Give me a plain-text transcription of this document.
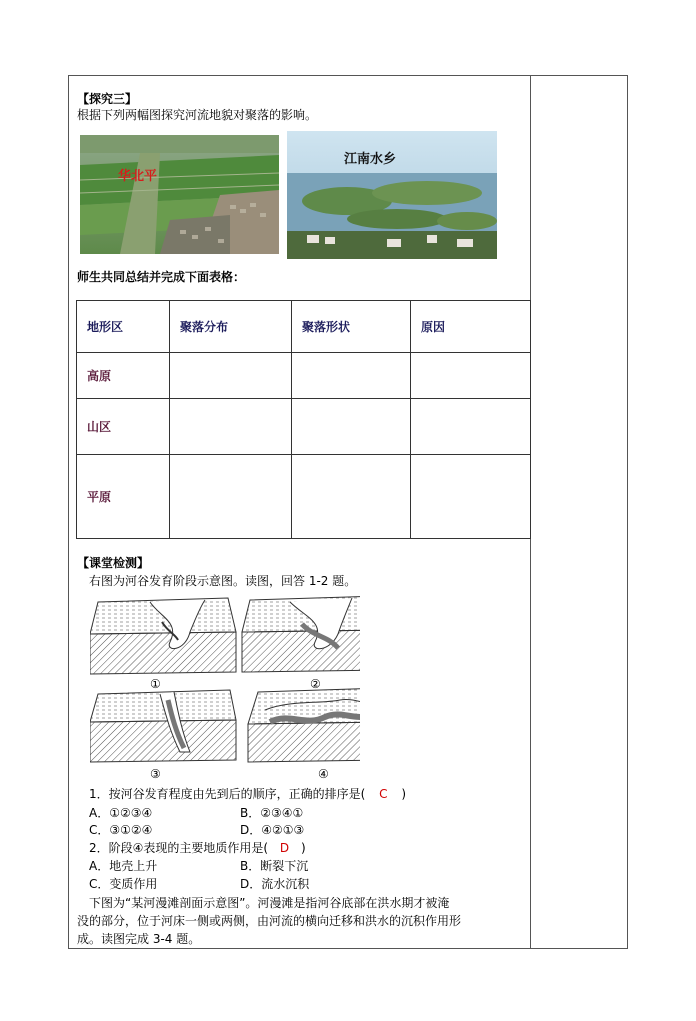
【探究三】
根据下列两幅图探究河流地貌对聚落的影响。
华北平
江南水乡
师生共同总结并完成下面表格：
地形区	聚落分布	聚落形状	原因
高原			
山区			
平原			
【课堂检测】
右图为河谷发育阶段示意图。读图，回答 1-2 题。
①	②
③	④
1．按河谷发育程度由先到后的顺序，正确的排序是( C )
A．①②③④	B．②③④①
C．③①②④	D．④②①③
2．阶段④表现的主要地质作用是( D )
A．地壳上升	B．断裂下沉
C．变质作用	D．流水沉积
下图为“某河漫滩剖面示意图”。河漫滩是指河谷底部在洪水期才被淹
没的部分，位于河床一侧或两侧，由河流的横向迁移和洪水的沉积作用形
成。读图完成 3-4 题。
